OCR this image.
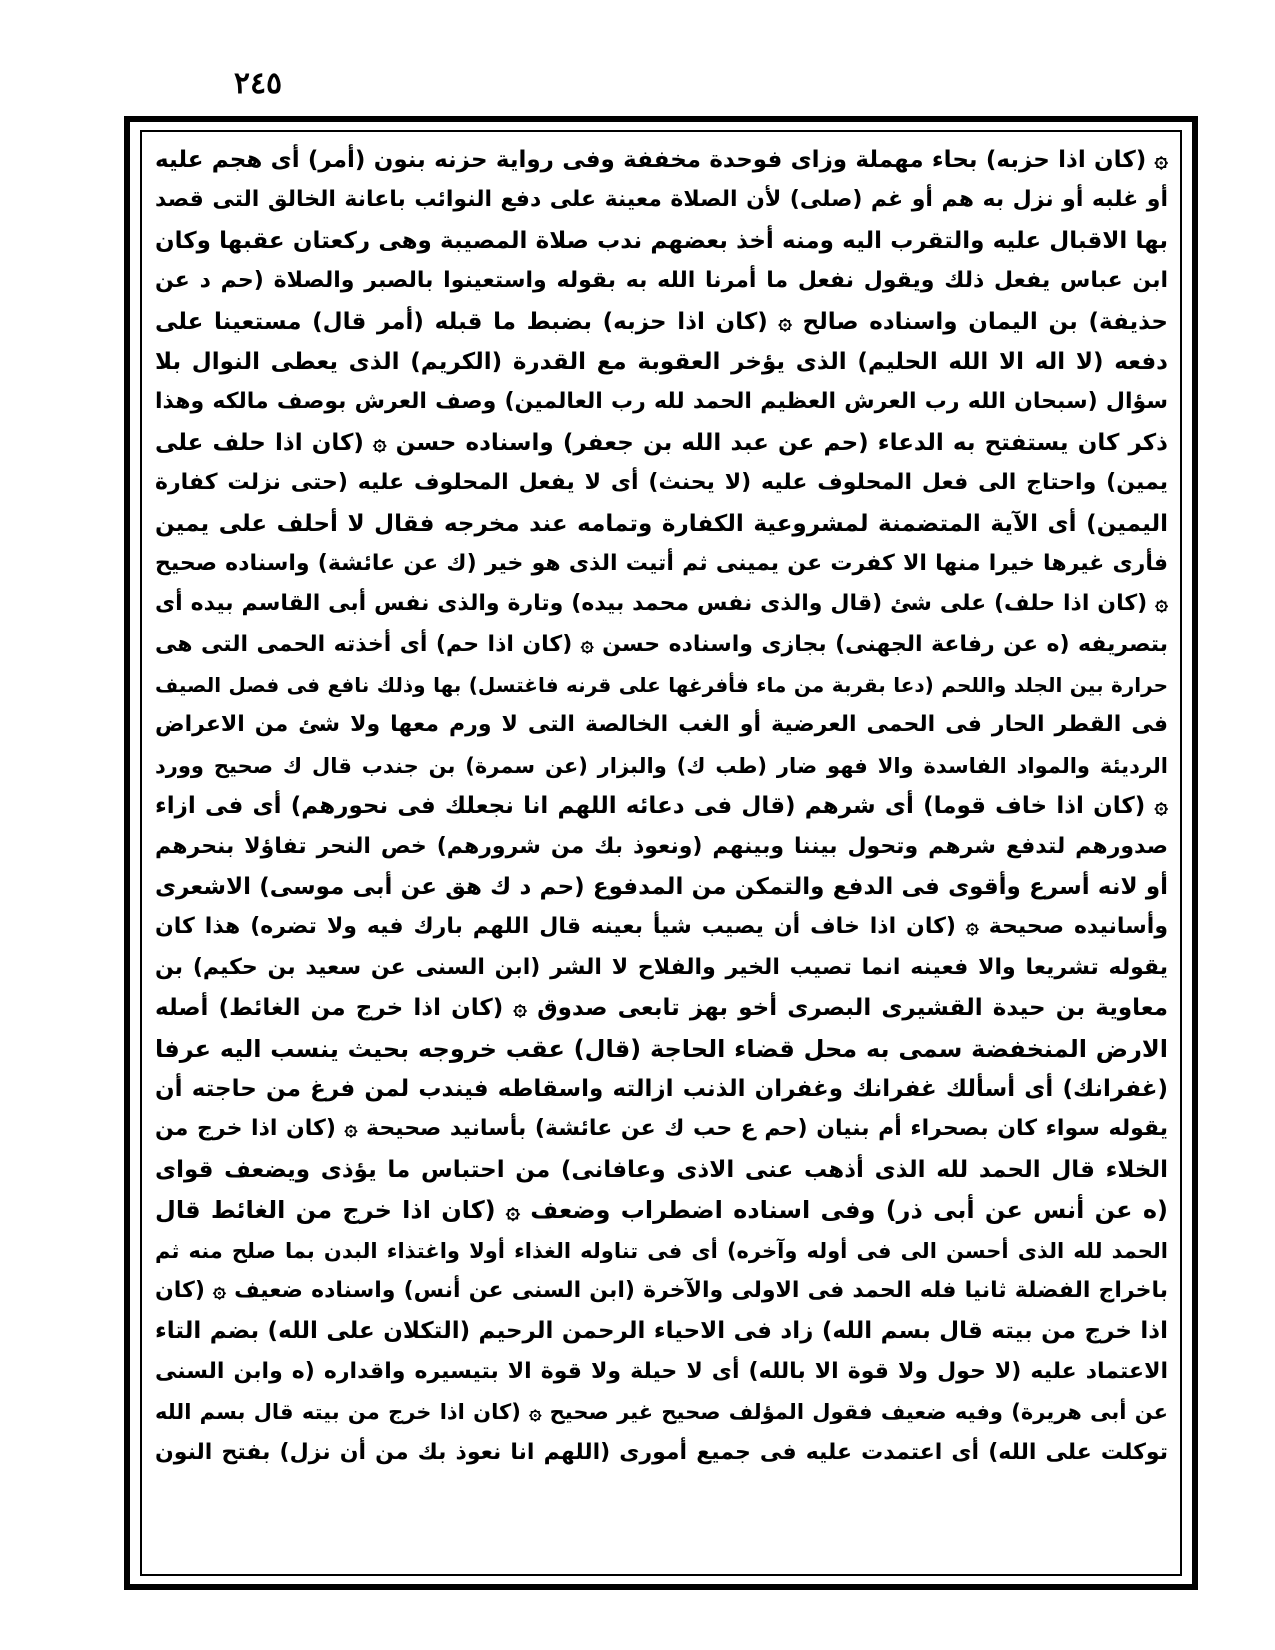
٢٤٥
۞ (كان اذا حزبه) بحاء مهملة وزاى فوحدة مخففة وفى رواية حزنه بنون (أمر) أى هجم عليه
أو غلبه أو نزل به هم أو غم (صلى) لأن الصلاة معينة على دفع النوائب باعانة الخالق التى قصد
بها الاقبال عليه والتقرب اليه ومنه أخذ بعضهم ندب صلاة المصيبة وهى ركعتان عقبها وكان
ابن عباس يفعل ذلك ويقول نفعل ما أمرنا الله به بقوله واستعينوا بالصبر والصلاة (حم د عن
حذيفة) بن اليمان واسناده صالح ۞ (كان اذا حزبه) بضبط ما قبله (أمر قال) مستعينا على
دفعه (لا اله الا الله الحليم) الذى يؤخر العقوبة مع القدرة (الكريم) الذى يعطى النوال بلا
سؤال (سبحان الله رب العرش العظيم الحمد لله رب العالمين) وصف العرش بوصف مالكه وهذا
ذكر كان يستفتح به الدعاء (حم عن عبد الله بن جعفر) واسناده حسن ۞ (كان اذا حلف على
يمين) واحتاج الى فعل المحلوف عليه (لا يحنث) أى لا يفعل المحلوف عليه (حتى نزلت كفارة
اليمين) أى الآية المتضمنة لمشروعية الكفارة وتمامه عند مخرجه فقال لا أحلف على يمين
فأرى غيرها خيرا منها الا كفرت عن يمينى ثم أتيت الذى هو خير (ك عن عائشة) واسناده صحيح
۞ (كان اذا حلف) على شئ (قال والذى نفس محمد بيده) وتارة والذى نفس أبى القاسم بيده أى
بتصريفه (ه عن رفاعة الجهنى) بجازى واسناده حسن ۞ (كان اذا حم) أى أخذته الحمى التى هى
حرارة بين الجلد واللحم (دعا بقربة من ماء فأفرغها على قرنه فاغتسل) بها وذلك نافع فى فصل الصيف
فى القطر الحار فى الحمى العرضية أو الغب الخالصة التى لا ورم معها ولا شئ من الاعراض
الرديئة والمواد الفاسدة والا فهو ضار (طب ك) والبزار (عن سمرة) بن جندب قال ك صحيح وورد
۞ (كان اذا خاف قوما) أى شرهم (قال فى دعائه اللهم انا نجعلك فى نحورهم) أى فى ازاء
صدورهم لتدفع شرهم وتحول بيننا وبينهم (ونعوذ بك من شرورهم) خص النحر تفاؤلا بنحرهم
أو لانه أسرع وأقوى فى الدفع والتمكن من المدفوع (حم د ك هق عن أبى موسى) الاشعرى
وأسانيده صحيحة ۞ (كان اذا خاف أن يصيب شيأ بعينه قال اللهم بارك فيه ولا تضره) هذا كان
يقوله تشريعا والا فعينه انما تصيب الخير والفلاح لا الشر (ابن السنى عن سعيد بن حكيم) بن
معاوية بن حيدة القشيرى البصرى أخو بهز تابعى صدوق ۞ (كان اذا خرج من الغائط) أصله
الارض المنخفضة سمى به محل قضاء الحاجة (قال) عقب خروجه بحيث ينسب اليه عرفا
(غفرانك) أى أسألك غفرانك وغفران الذنب ازالته واسقاطه فيندب لمن فرغ من حاجته أن
يقوله سواء كان بصحراء أم بنيان (حم ع حب ك عن عائشة) بأسانيد صحيحة ۞ (كان اذا خرج من
الخلاء قال الحمد لله الذى أذهب عنى الاذى وعافانى) من احتباس ما يؤذى ويضعف قواى
(ه عن أنس عن أبى ذر) وفى اسناده اضطراب وضعف ۞ (كان اذا خرج من الغائط قال
الحمد لله الذى أحسن الى فى أوله وآخره) أى فى تناوله الغذاء أولا واغتذاء البدن بما صلح منه ثم
باخراج الفضلة ثانيا فله الحمد فى الاولى والآخرة (ابن السنى عن أنس) واسناده ضعيف ۞ (كان
اذا خرج من بيته قال بسم الله) زاد فى الاحياء الرحمن الرحيم (التكلان على الله) بضم التاء
الاعتماد عليه (لا حول ولا قوة الا بالله) أى لا حيلة ولا قوة الا بتيسيره واقداره (ه وابن السنى
عن أبى هريرة) وفيه ضعيف فقول المؤلف صحيح غير صحيح ۞ (كان اذا خرج من بيته قال بسم الله
توكلت على الله) أى اعتمدت عليه فى جميع أمورى (اللهم انا نعوذ بك من أن نزل) بفتح النون
